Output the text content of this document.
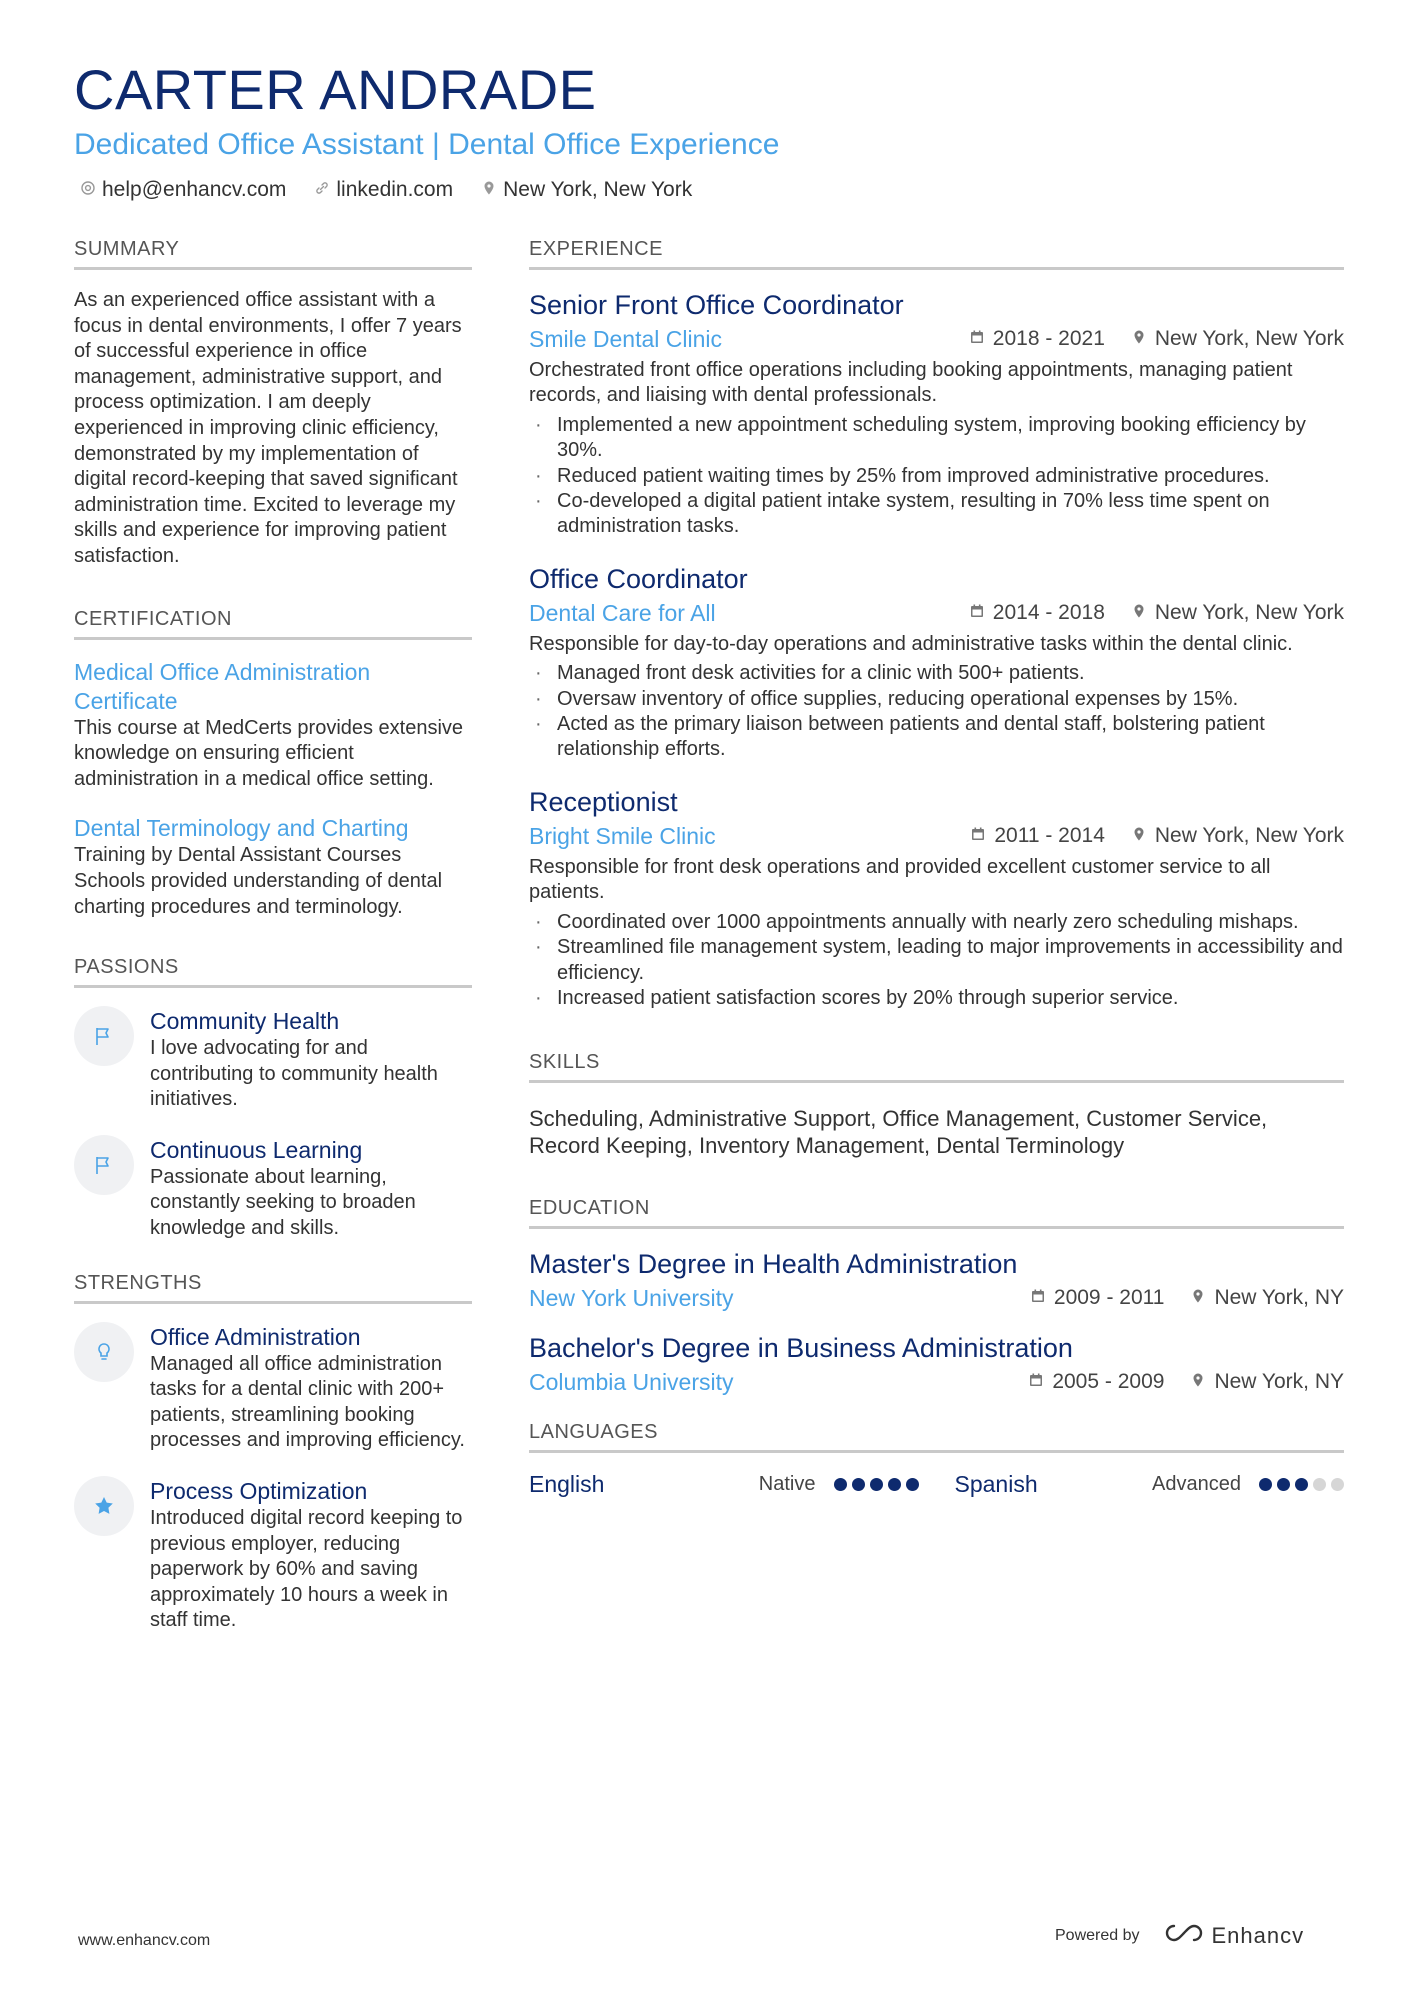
CARTER ANDRADE
Dedicated Office Assistant | Dental Office Experience
help@enhancv.com linkedin.com New York, New York
SUMMARY
As an experienced office assistant with a focus in dental environments, I offer 7 years of successful experience in office management, administrative support, and process optimization. I am deeply experienced in improving clinic efficiency, demonstrated by my implementation of digital record-keeping that saved significant administration time. Excited to leverage my skills and experience for improving patient satisfaction.
CERTIFICATION
Medical Office Administration Certificate
This course at MedCerts provides extensive knowledge on ensuring efficient administration in a medical office setting.
Dental Terminology and Charting
Training by Dental Assistant Courses Schools provided understanding of dental charting procedures and terminology.
PASSIONS
Community Health
I love advocating for and contributing to community health initiatives.
Continuous Learning
Passionate about learning, constantly seeking to broaden knowledge and skills.
STRENGTHS
Office Administration
Managed all office administration tasks for a dental clinic with 200+ patients, streamlining booking processes and improving efficiency.
Process Optimization
Introduced digital record keeping to previous employer, reducing paperwork by 60% and saving approximately 10 hours a week in staff time.
EXPERIENCE
Senior Front Office Coordinator
Smile Dental Clinic	2018 - 2021 New York, New York
Orchestrated front office operations including booking appointments, managing patient records, and liaising with dental professionals.
· Implemented a new appointment scheduling system, improving booking efficiency by 30%.
· Reduced patient waiting times by 25% from improved administrative procedures.
· Co-developed a digital patient intake system, resulting in 70% less time spent on administration tasks.
Office Coordinator
Dental Care for All	2014 - 2018 New York, New York
Responsible for day-to-day operations and administrative tasks within the dental clinic.
· Managed front desk activities for a clinic with 500+ patients.
· Oversaw inventory of office supplies, reducing operational expenses by 15%.
· Acted as the primary liaison between patients and dental staff, bolstering patient relationship efforts.
Receptionist
Bright Smile Clinic	2011 - 2014 New York, New York
Responsible for front desk operations and provided excellent customer service to all patients.
· Coordinated over 1000 appointments annually with nearly zero scheduling mishaps.
· Streamlined file management system, leading to major improvements in accessibility and efficiency.
· Increased patient satisfaction scores by 20% through superior service.
SKILLS
Scheduling, Administrative Support, Office Management, Customer Service, Record Keeping, Inventory Management, Dental Terminology
EDUCATION
Master's Degree in Health Administration
New York University	2009 - 2011 New York, NY
Bachelor's Degree in Business Administration
Columbia University	2005 - 2009 New York, NY
LANGUAGES
English	Native	Spanish	Advanced
www.enhancv.com	Powered by	Enhancv
